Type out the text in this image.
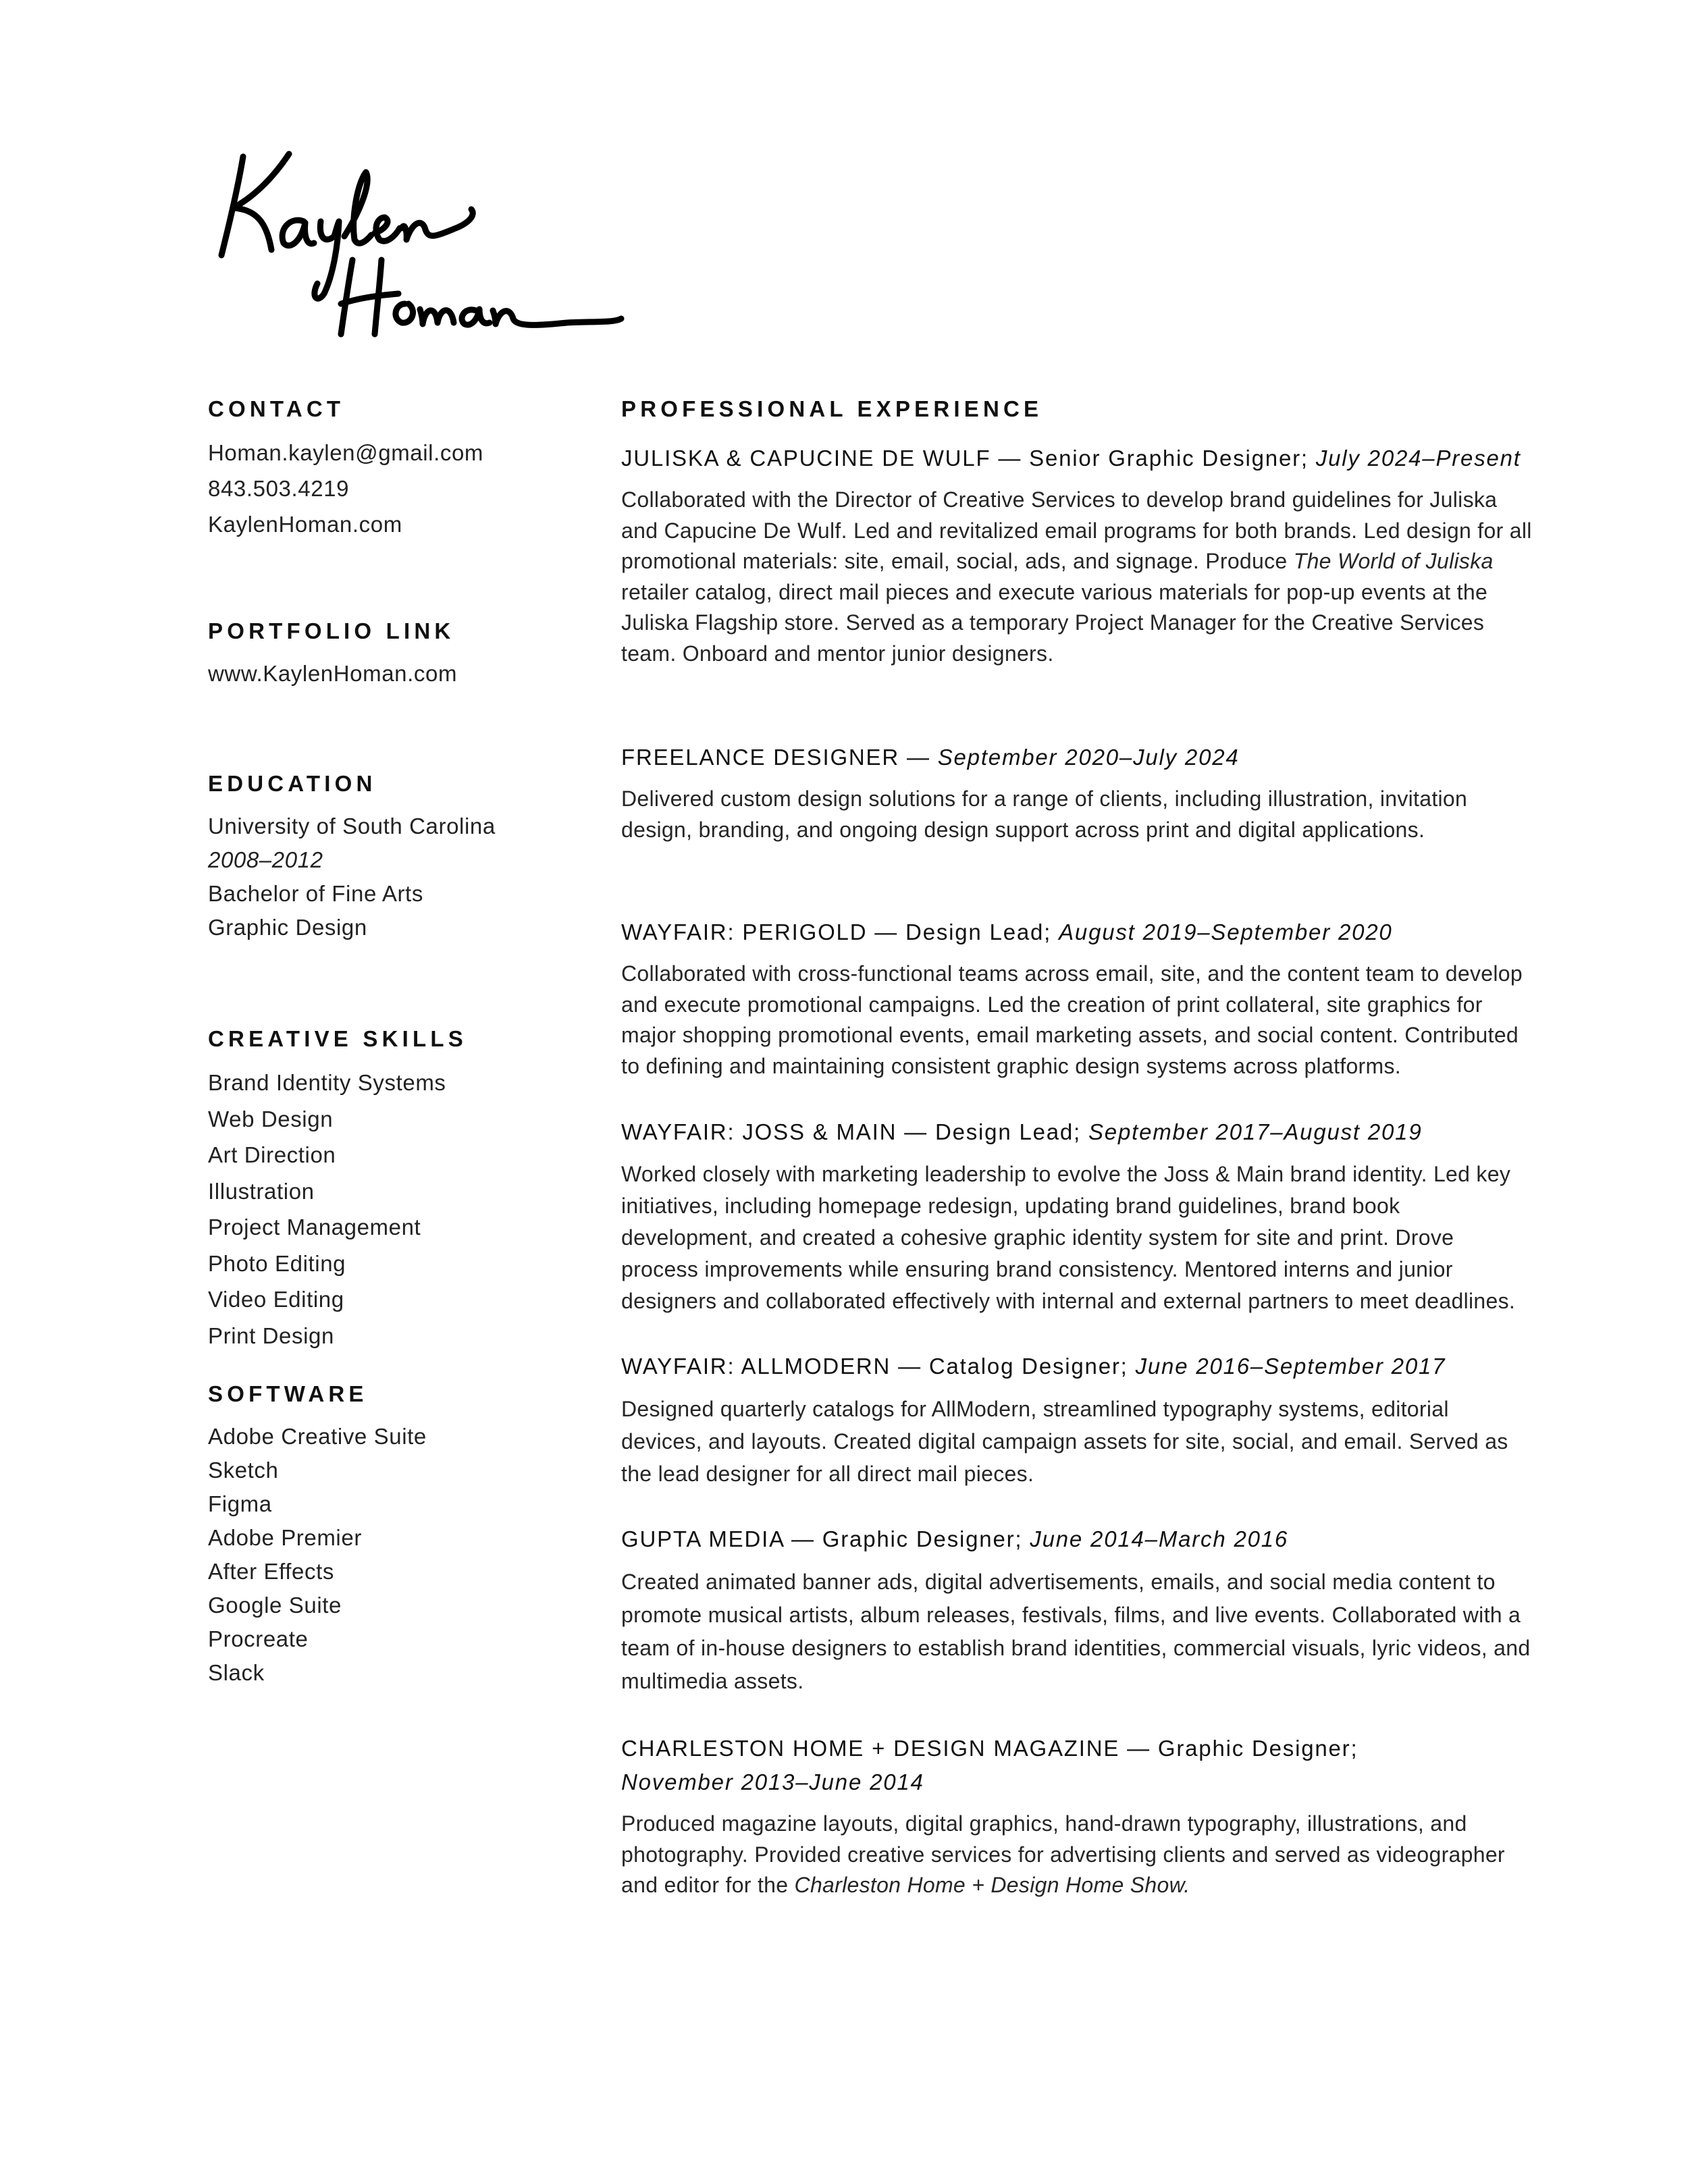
CONTACT
Homan.kaylen@gmail.com
843.503.4219
KaylenHoman.com
PORTFOLIO LINK
www.KaylenHoman.com
EDUCATION
University of South Carolina
2008–2012
Bachelor of Fine Arts
Graphic Design
CREATIVE SKILLS
Brand Identity Systems
Web Design
Art Direction
Illustration
Project Management
Photo Editing
Video Editing
Print Design
SOFTWARE
Adobe Creative Suite
Sketch
Figma
Adobe Premier
After Effects
Google Suite
Procreate
Slack
PROFESSIONAL EXPERIENCE
JULISKA & CAPUCINE DE WULF — Senior Graphic Designer; July 2024–Present
Collaborated with the Director of Creative Services to develop brand guidelines for Juliska and Capucine De Wulf. Led and revitalized email programs for both brands. Led design for all promotional materials: site, email, social, ads, and signage. Produce The World of Juliska retailer catalog, direct mail pieces and execute various materials for pop-up events at the Juliska Flagship store. Served as a temporary Project Manager for the Creative Services team. Onboard and mentor junior designers.
FREELANCE DESIGNER — September 2020–July 2024
Delivered custom design solutions for a range of clients, including illustration, invitation design, branding, and ongoing design support across print and digital applications.
WAYFAIR: PERIGOLD — Design Lead; August 2019–September 2020
Collaborated with cross-functional teams across email, site, and the content team to develop and execute promotional campaigns. Led the creation of print collateral, site graphics for major shopping promotional events, email marketing assets, and social content. Contributed to defining and maintaining consistent graphic design systems across platforms.
WAYFAIR: JOSS & MAIN — Design Lead; September 2017–August 2019
Worked closely with marketing leadership to evolve the Joss & Main brand identity. Led key initiatives, including homepage redesign, updating brand guidelines, brand book development, and created a cohesive graphic identity system for site and print. Drove process improvements while ensuring brand consistency. Mentored interns and junior designers and collaborated effectively with internal and external partners to meet deadlines.
WAYFAIR: ALLMODERN — Catalog Designer; June 2016–September 2017
Designed quarterly catalogs for AllModern, streamlined typography systems, editorial devices, and layouts. Created digital campaign assets for site, social, and email. Served as the lead designer for all direct mail pieces.
GUPTA MEDIA — Graphic Designer; June 2014–March 2016
Created animated banner ads, digital advertisements, emails, and social media content to promote musical artists, album releases, festivals, films, and live events. Collaborated with a team of in-house designers to establish brand identities, commercial visuals, lyric videos, and multimedia assets.
CHARLESTON HOME + DESIGN MAGAZINE — Graphic Designer;
November 2013–June 2014
Produced magazine layouts, digital graphics, hand-drawn typography, illustrations, and photography. Provided creative services for advertising clients and served as videographer and editor for the Charleston Home + Design Home Show.
